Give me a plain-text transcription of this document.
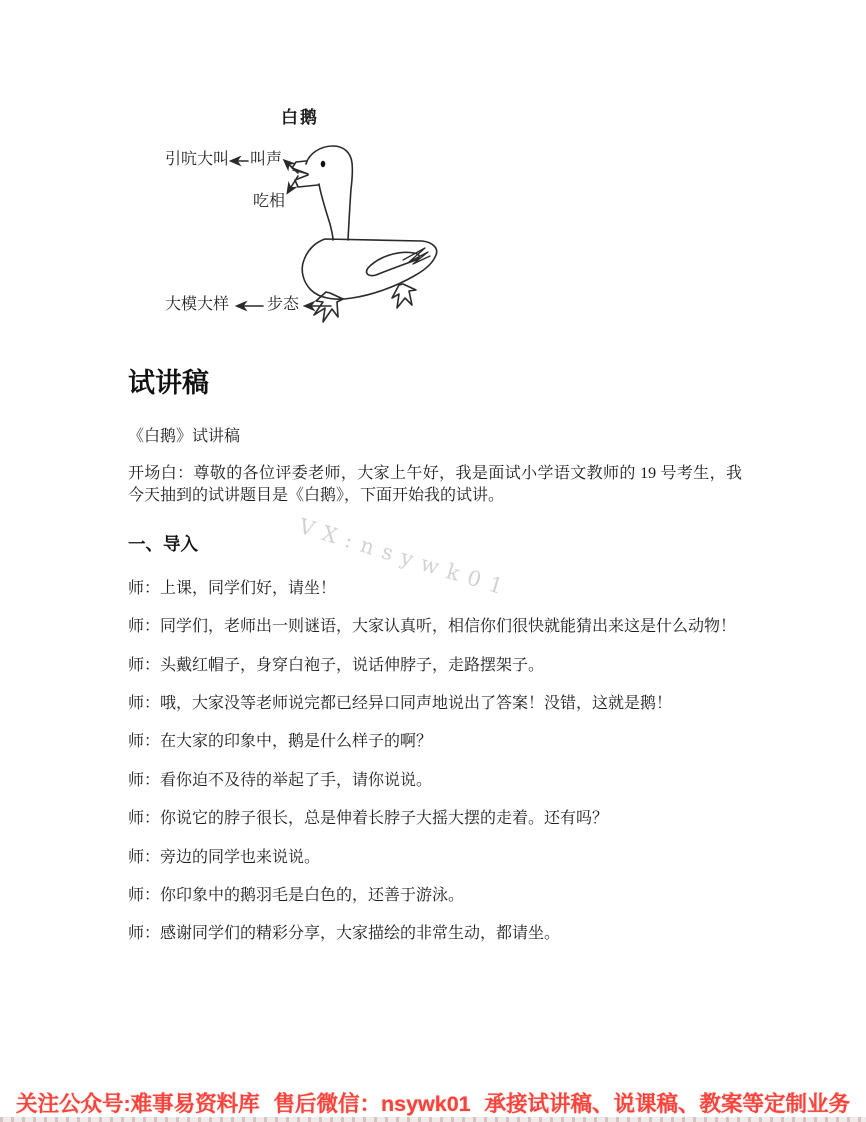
白鹅
引吭大叫 叫声
吃相
大模大样 步态
VX:nsywk01
试讲稿

《白鹅》试讲稿

开场白：尊敬的各位评委老师，大家上午好，我是面试小学语文教师的 19 号考生，我今天抽到的试讲题目是《白鹅》，下面开始我的试讲。

一、导入

师：上课，同学们好，请坐！

师：同学们，老师出一则谜语，大家认真听，相信你们很快就能猜出来这是什么动物！

师：头戴红帽子，身穿白袍子，说话伸脖子，走路摆架子。

师：哦，大家没等老师说完都已经异口同声地说出了答案！没错，这就是鹅！

师：在大家的印象中，鹅是什么样子的啊？

师：看你迫不及待的举起了手，请你说说。

师：你说它的脖子很长，总是伸着长脖子大摇大摆的走着。还有吗？

师：旁边的同学也来说说。

师：你印象中的鹅羽毛是白色的，还善于游泳。

师：感谢同学们的精彩分享，大家描绘的非常生动，都请坐。

关注公众号:难事易资料库 售后微信：nsywk01 承接试讲稿、说课稿、教案等定制业务
